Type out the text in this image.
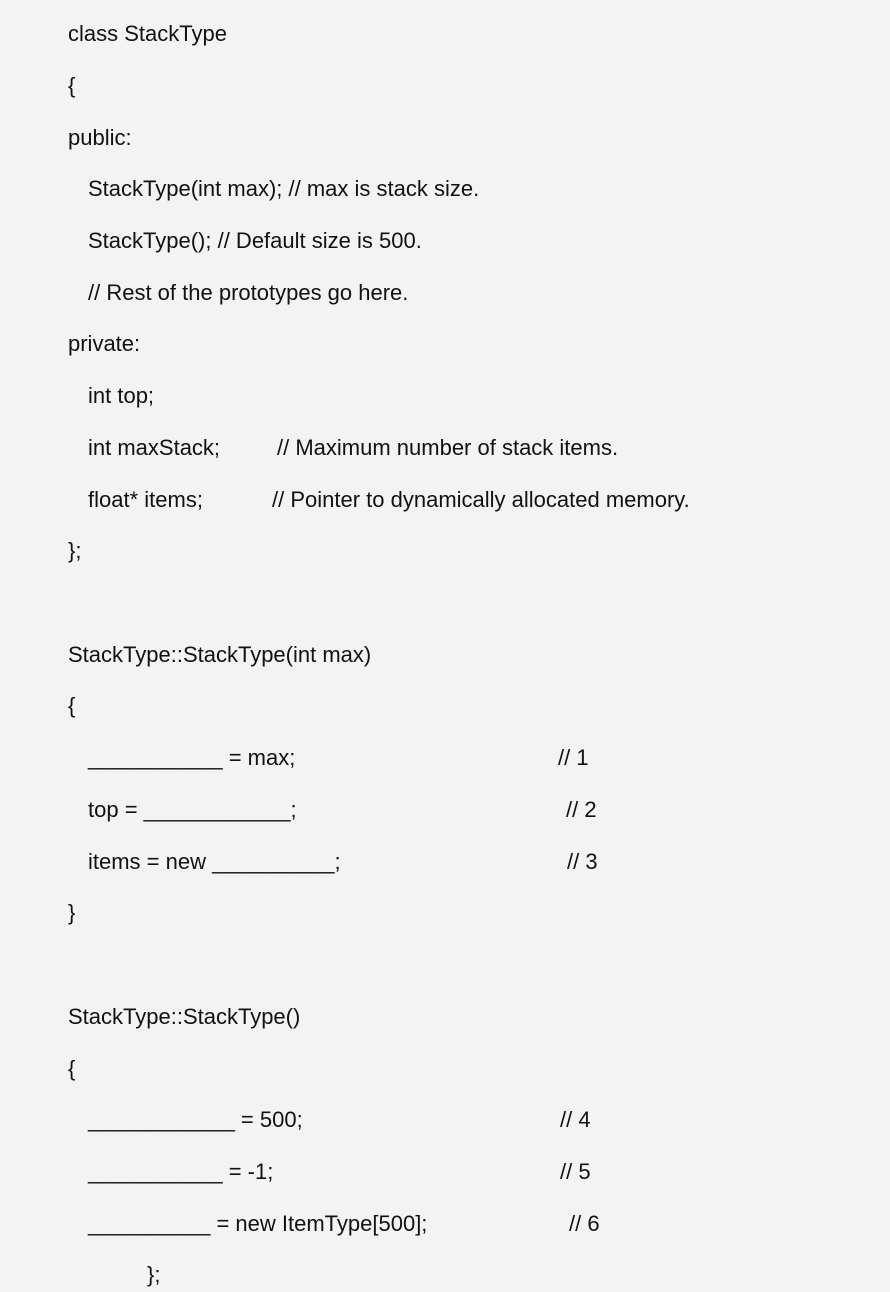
class StackType
{
public:
StackType(int max); // max is stack size.
StackType(); // Default size is 500.
// Rest of the prototypes go here.
private:
int top;
int maxStack;	// Maximum number of stack items.
float* items;	// Pointer to dynamically allocated memory.
};
StackType::StackType(int max)
{
___________ = max;	// 1
top = ____________;	// 2
items = new __________;	// 3
}
StackType::StackType()
{
____________ = 500;	// 4
___________ = -1;	// 5
__________ = new ItemType[500];	// 6
};
